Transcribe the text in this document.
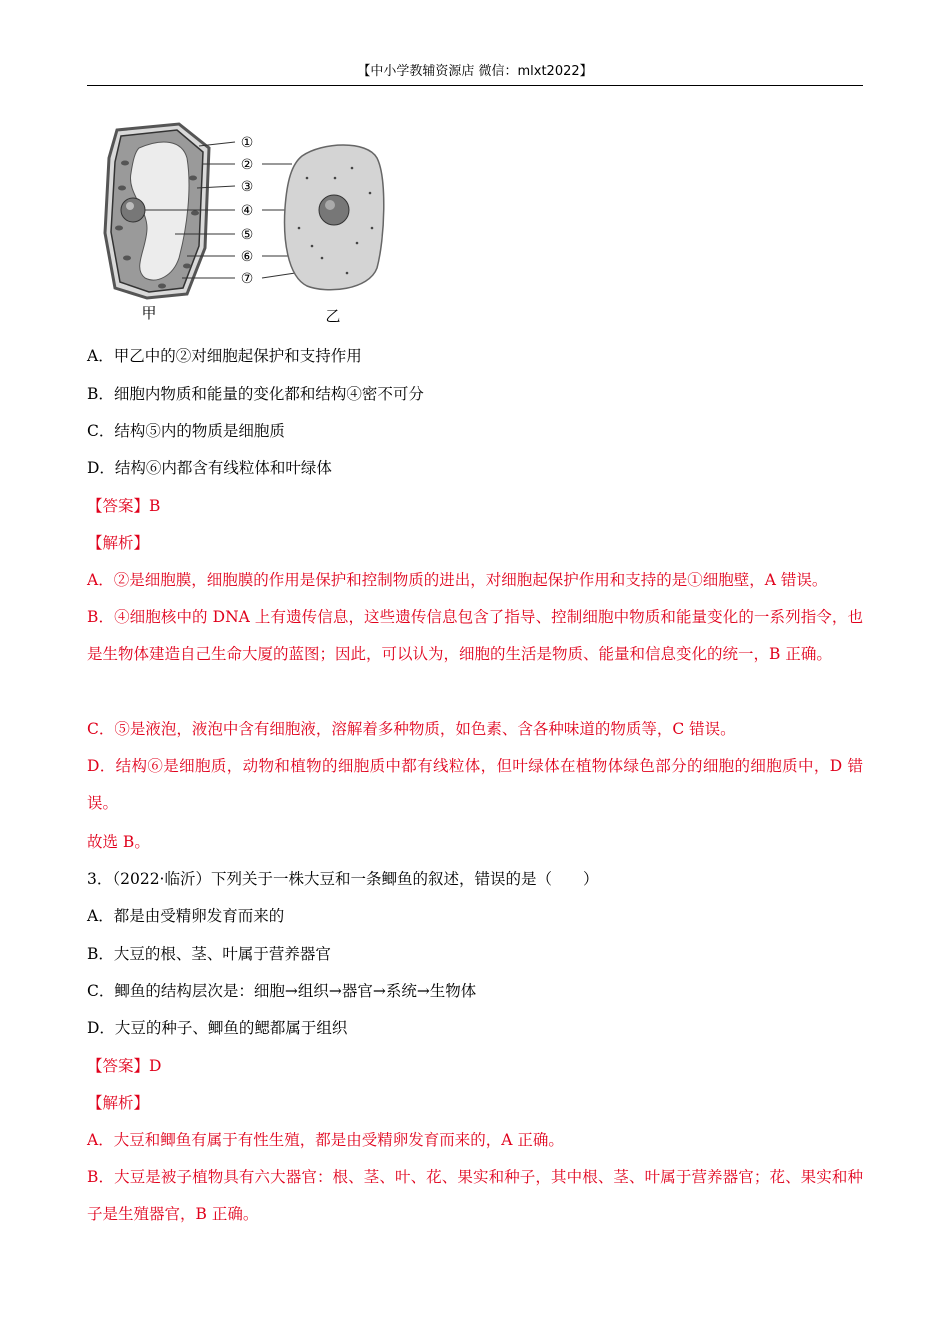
【中小学教辅资源店 微信：mlxt2022】
①
②
③
④
⑤
⑥
⑦
甲	乙
A．甲乙中的②对细胞起保护和支持作用
B．细胞内物质和能量的变化都和结构④密不可分
C．结构⑤内的物质是细胞质
D．结构⑥内都含有线粒体和叶绿体
【答案】B
【解析】
A．②是细胞膜，细胞膜的作用是保护和控制物质的进出，对细胞起保护作用和支持的是①细胞壁，A 错误。
B．④细胞核中的 DNA 上有遗传信息，这些遗传信息包含了指导、控制细胞中物质和能量变化的一系列指令，也是生物体建造自己生命大厦的蓝图；因此，可以认为，细胞的生活是物质、能量和信息变化的统一，B 正确。
C．⑤是液泡，液泡中含有细胞液，溶解着多种物质，如色素、含各种味道的物质等，C 错误。
D．结构⑥是细胞质，动物和植物的细胞质中都有线粒体，但叶绿体在植物体绿色部分的细胞的细胞质中，D 错误。
故选 B。
3．（2022·临沂）下列关于一株大豆和一条鲫鱼的叙述，错误的是（　　）
A．都是由受精卵发育而来的
B．大豆的根、茎、叶属于营养器官
C．鲫鱼的结构层次是：细胞→组织→器官→系统→生物体
D．大豆的种子、鲫鱼的鳃都属于组织
【答案】D
【解析】
A．大豆和鲫鱼有属于有性生殖，都是由受精卵发育而来的，A 正确。
B．大豆是被子植物具有六大器官：根、茎、叶、花、果实和种子，其中根、茎、叶属于营养器官；花、果实和种子是生殖器官，B 正确。
